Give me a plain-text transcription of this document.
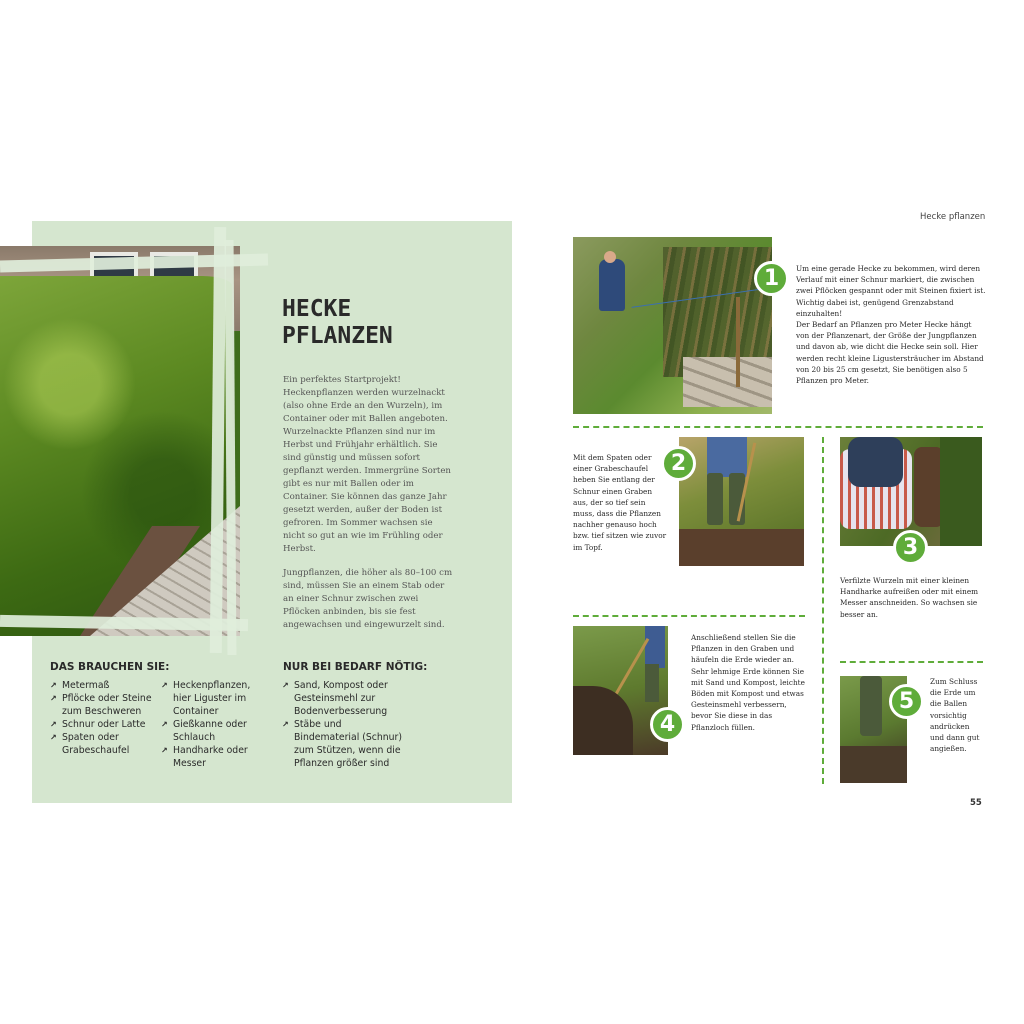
HECKE
PFLANZEN

Ein perfektes Startprojekt! Heckenpflanzen werden wurzelnackt (also ohne Erde an den Wurzeln), im Container oder mit Ballen angeboten. Wurzelnackte Pflanzen sind nur im Herbst und Frühjahr erhältlich. Sie sind günstig und müssen sofort gepflanzt werden. Immergrüne Sorten gibt es nur mit Ballen oder im Container. Sie können das ganze Jahr gesetzt werden, außer der Boden ist gefroren. Im Sommer wachsen sie nicht so gut an wie im Frühling oder Herbst.

Jungpflanzen, die höher als 80–100 cm sind, müssen Sie an einem Stab oder an einer Schnur zwischen zwei Pflöcken anbinden, bis sie fest angewachsen und eingewurzelt sind.

DAS BRAUCHEN SIE:
↗ Metermaß
↗ Pflöcke oder Steine zum Beschweren
↗ Schnur oder Latte
↗ Spaten oder Grabeschaufel
↗ Heckenpflanzen, hier Liguster im Container
↗ Gießkanne oder Schlauch
↗ Handharke oder Messer
NUR BEI BEDARF NÖTIG:
↗ Sand, Kompost oder Gesteinsmehl zur Bodenverbesserung
↗ Stäbe und Bindematerial (Schnur) zum Stützen, wenn die Pflanzen größer sind
Hecke pflanzen
1	Um eine gerade Hecke zu bekommen, wird deren Verlauf mit einer Schnur markiert, die zwischen zwei Pflöcken gespannt oder mit Steinen fixiert ist. Wichtig dabei ist, genügend Grenzabstand einzuhalten!
Der Bedarf an Pflanzen pro Meter Hecke hängt von der Pflanzenart, der Größe der Jungpflanzen und davon ab, wie dicht die Hecke sein soll. Hier werden recht kleine Ligustersträucher im Abstand von 20 bis 25 cm gesetzt, Sie benötigen also 5 Pflanzen pro Meter.
Mit dem Spaten oder einer Grabeschaufel heben Sie entlang der Schnur einen Graben aus, der so tief sein muss, dass die Pflanzen nachher genauso hoch bzw. tief sitzen wie zuvor im Topf.
2
3
Verfilzte Wurzeln mit einer kleinen Handharke aufreißen oder mit einem Messer anschneiden. So wachsen sie besser an.
4
Anschließend stellen Sie die Pflanzen in den Graben und häufeln die Erde wieder an. Sehr lehmige Erde können Sie mit Sand und Kompost, leichte Böden mit Kompost und etwas Gesteinsmehl verbessern, bevor Sie diese in das Pflanzloch füllen.
5
Zum Schluss die Erde um die Ballen vorsichtig andrücken und dann gut angießen.
55
